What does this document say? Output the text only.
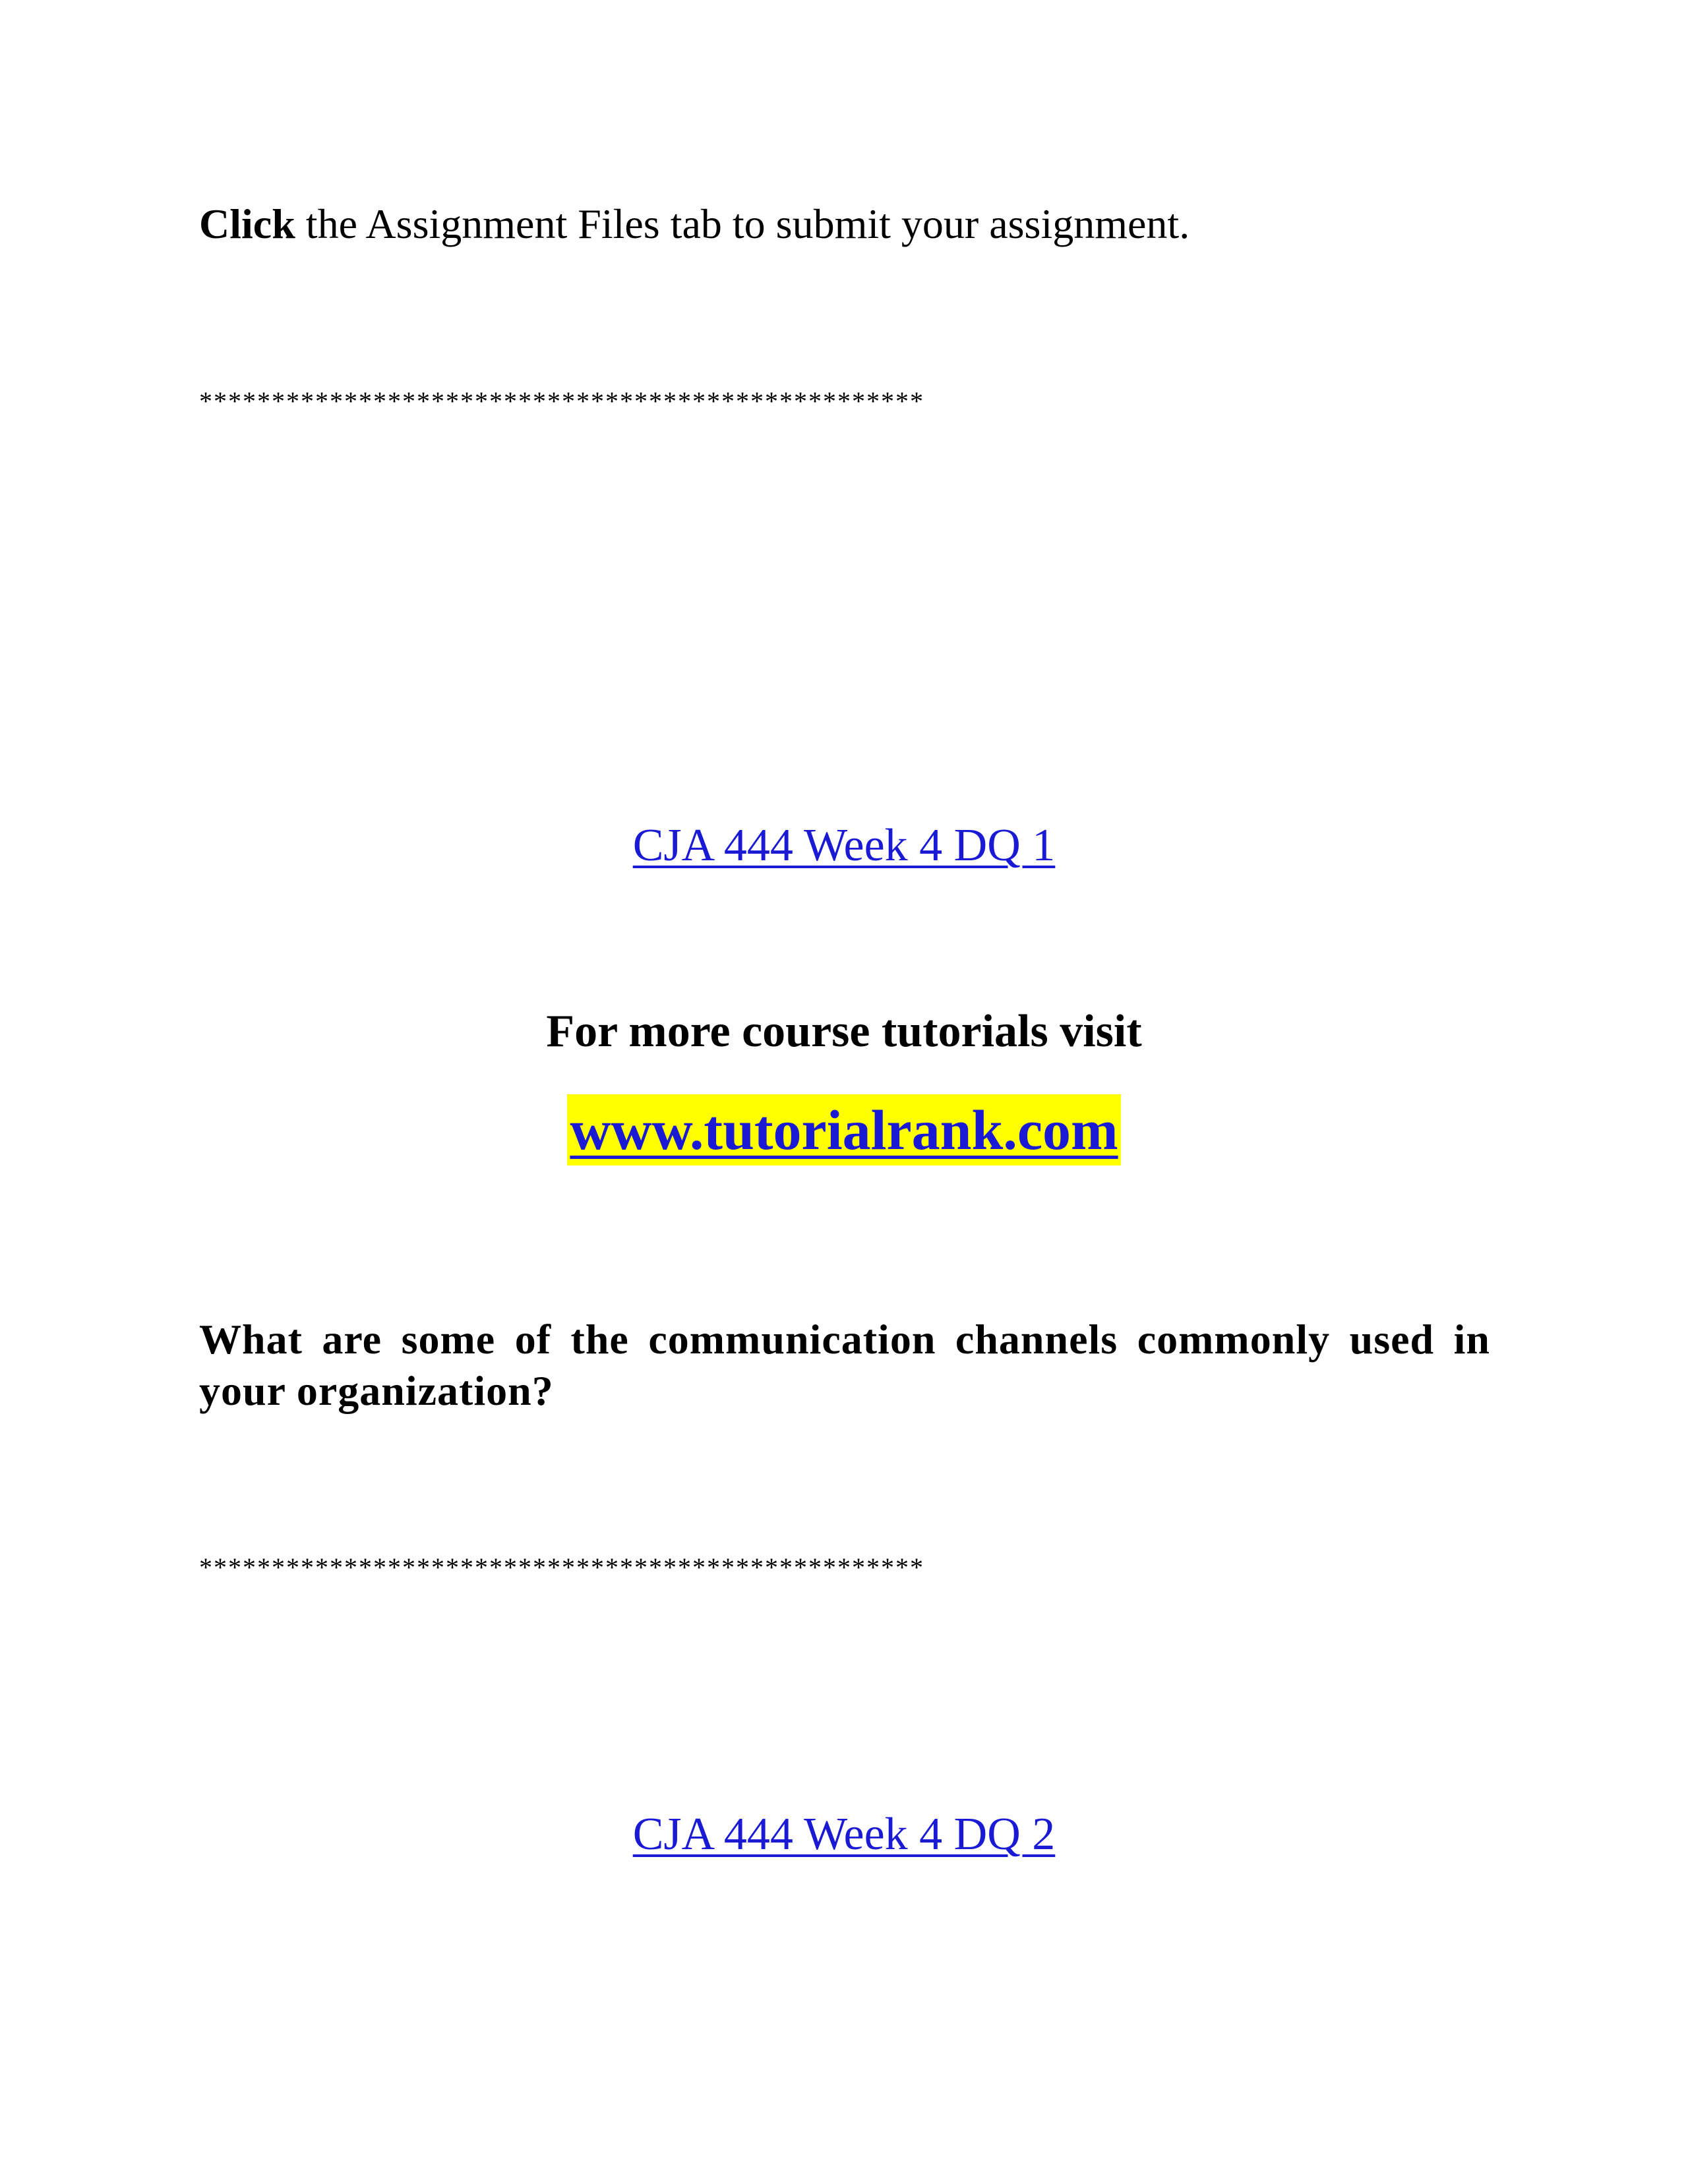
Click the Assignment Files tab to submit your assignment.
**************************************************
CJA 444 Week 4 DQ 1
For more course tutorials visit
www.tutorialrank.com
What are some of the communication channels commonly used in your organization?
**************************************************
CJA 444 Week 4 DQ 2
